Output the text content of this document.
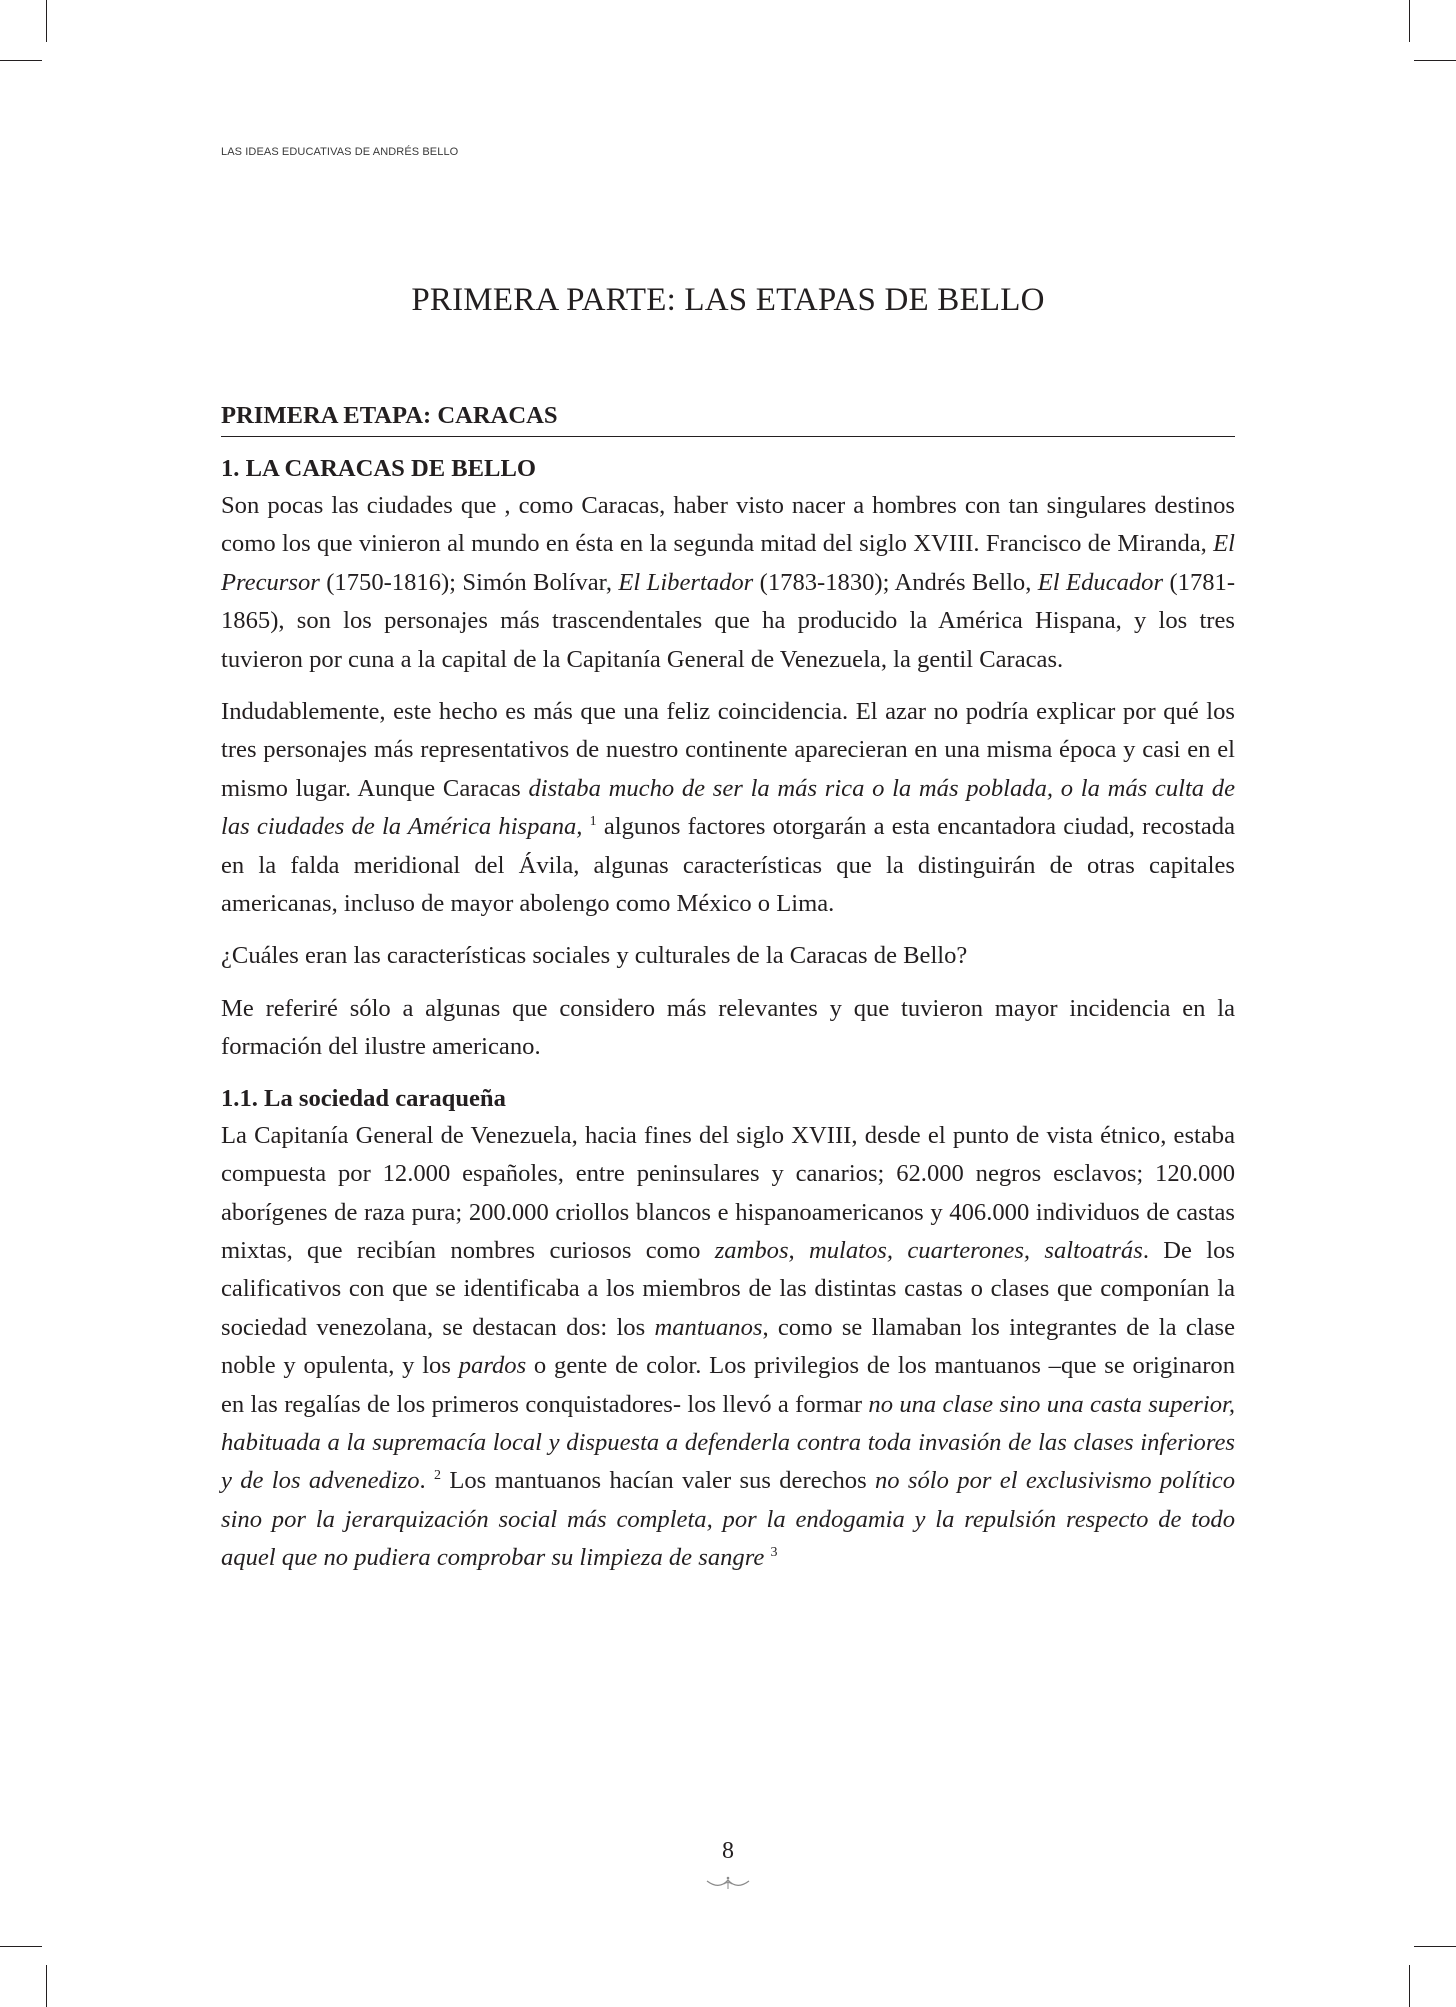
LAS IDEAS EDUCATIVAS DE ANDRÉS BELLO
PRIMERA PARTE: LAS ETAPAS DE BELLO
PRIMERA ETAPA: CARACAS
1. LA CARACAS DE BELLO

Son pocas las ciudades que , como Caracas, haber visto nacer a hombres con tan singulares destinos como los que vinieron al mundo en ésta en la segunda mitad del siglo XVIII. Francisco de Miranda, El Precursor (1750-1816); Simón Bolívar, El Libertador (1783-1830); Andrés Bello, El Educador (1781-1865), son los personajes más trascendentales que ha producido la América Hispana, y los tres tuvieron por cuna a la capital de la Capitanía General de Venezuela, la gentil Caracas.

Indudablemente, este hecho es más que una feliz coincidencia. El azar no podría explicar por qué los tres personajes más representativos de nuestro continente aparecieran en una misma época y casi en el mismo lugar. Aunque Caracas distaba mucho de ser la más rica o la más poblada, o la más culta de las ciudades de la América hispana, $^1$ algunos factores otorgarán a esta encantadora ciudad, recostada en la falda meridional del Ávila, algunas características que la distinguirán de otras capitales americanas, incluso de mayor abolengo como México o Lima.

¿Cuáles eran las características sociales y culturales de la Caracas de Bello?

Me referiré sólo a algunas que considero más relevantes y que tuvieron mayor incidencia en la formación del ilustre americano.

1.1. La sociedad caraqueña

La Capitanía General de Venezuela, hacia fines del siglo XVIII, desde el punto de vista étnico, estaba compuesta por 12.000 españoles, entre peninsulares y canarios; 62.000 negros esclavos; 120.000 aborígenes de raza pura; 200.000 criollos blancos e hispanoamericanos y 406.000 individuos de castas mixtas, que recibían nombres curiosos como zambos, mulatos, cuarterones, saltoatrás. De los calificativos con que se identificaba a los miembros de las distintas castas o clases que componían la sociedad venezolana, se destacan dos: los mantuanos, como se llamaban los integrantes de la clase noble y opulenta, y los pardos o gente de color. Los privilegios de los mantuanos –que se originaron en las regalías de los primeros conquistadores- los llevó a formar no una clase sino una casta superior, habituada a la supremacía local y dispuesta a defenderla contra toda invasión de las clases inferiores y de los advenedizo. $^2$ Los mantuanos hacían valer sus derechos no sólo por el exclusivismo político sino por la jerarquización social más completa, por la endogamia y la repulsión respecto de todo aquel que no pudiera comprobar su limpieza de sangre $^3$

8
